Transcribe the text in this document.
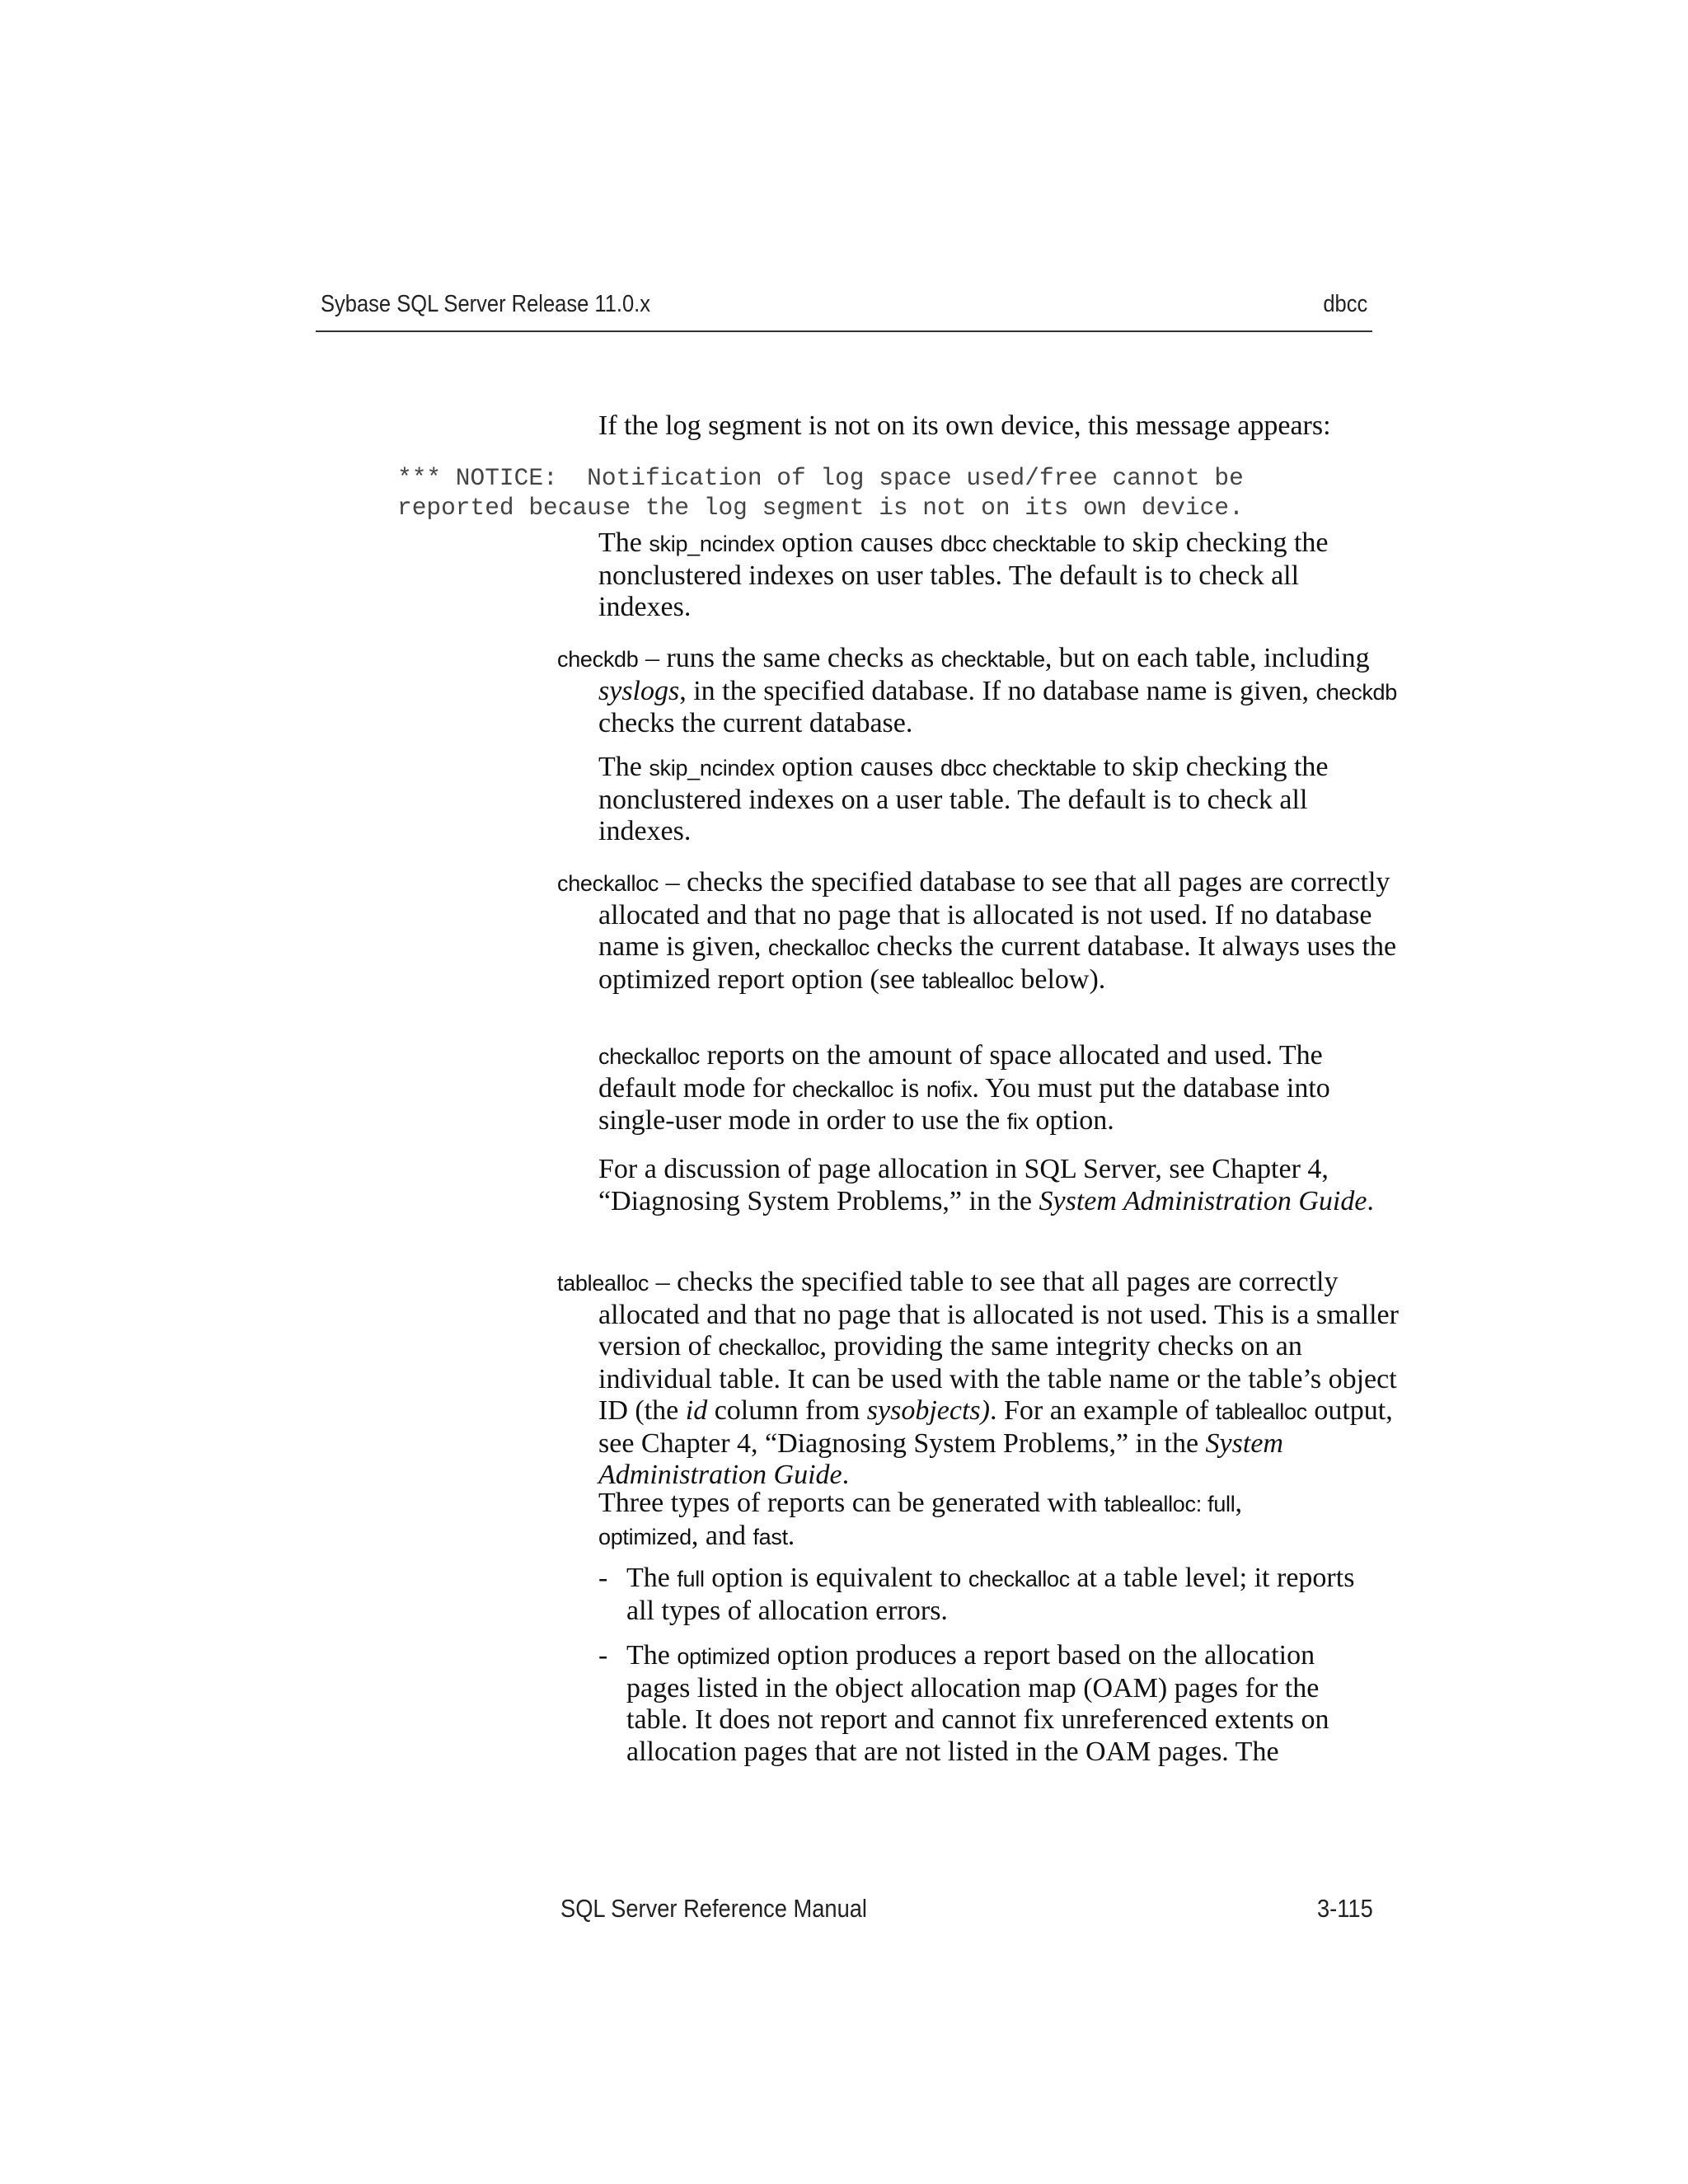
Sybase SQL Server Release 11.0.x	dbcc
If the log segment is not on its own device, this message appears:
*** NOTICE:  Notification of log space used/free cannot be
reported because the log segment is not on its own device.
The skip_ncindex option causes dbcc checktable to skip checking the nonclustered indexes on user tables. The default is to check all indexes.
checkdb – runs the same checks as checktable, but on each table, including syslogs, in the specified database. If no database name is given, checkdb checks the current database.
The skip_ncindex option causes dbcc checktable to skip checking the nonclustered indexes on a user table. The default is to check all indexes.
checkalloc – checks the specified database to see that all pages are correctly allocated and that no page that is allocated is not used. If no database name is given, checkalloc checks the current database. It always uses the optimized report option (see tablealloc below).
checkalloc reports on the amount of space allocated and used. The default mode for checkalloc is nofix. You must put the database into single-user mode in order to use the fix option.
For a discussion of page allocation in SQL Server, see Chapter 4, “Diagnosing System Problems,” in the System Administration Guide.
tablealloc – checks the specified table to see that all pages are correctly allocated and that no page that is allocated is not used. This is a smaller version of checkalloc, providing the same integrity checks on an individual table. It can be used with the table name or the table’s object ID (the id column from sysobjects). For an example of tablealloc output, see Chapter 4, “Diagnosing System Problems,” in the System Administration Guide.
Three types of reports can be generated with tablealloc: full,
optimized, and fast.
- The full option is equivalent to checkalloc at a table level; it reports all types of allocation errors.
- The optimized option produces a report based on the allocation pages listed in the object allocation map (OAM) pages for the table. It does not report and cannot fix unreferenced extents on allocation pages that are not listed in the OAM pages. The
SQL Server Reference Manual	3-115
